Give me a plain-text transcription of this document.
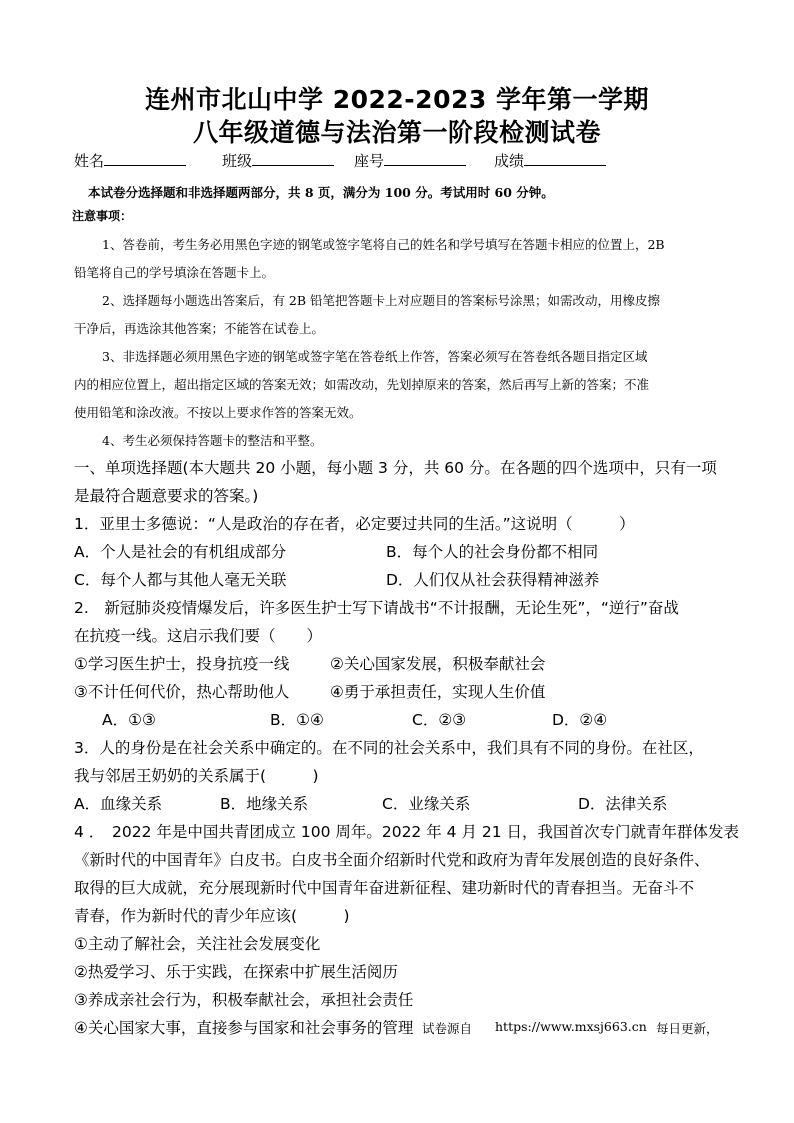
连州市北山中学 2022-2023 学年第一学期
八年级道德与法治第一阶段检测试卷
姓名	班级	座号	成绩
本试卷分选择题和非选择题两部分，共 8 页，满分为 100 分。考试用时 60 分钟。
注意事项：
1、答卷前，考生务必用黑色字迹的钢笔或签字笔将自己的姓名和学号填写在答题卡相应的位置上，2B
铅笔将自己的学号填涂在答题卡上。
2、选择题每小题选出答案后，有 2B 铅笔把答题卡上对应题目的答案标号涂黑；如需改动，用橡皮擦
干净后，再选涂其他答案；不能答在试卷上。
3、非选择题必须用黑色字迹的钢笔或签字笔在答卷纸上作答，答案必须写在答卷纸各题目指定区域
内的相应位置上，超出指定区域的答案无效；如需改动，先划掉原来的答案，然后再写上新的答案；不准
使用铅笔和涂改液。不按以上要求作答的答案无效。
4、考生必须保持答题卡的整洁和平整。
一、单项选择题(本大题共 20 小题，每小题 3 分，共 60 分。在各题的四个选项中，只有一项
是最符合题意要求的答案。)
1．亚里士多德说：“人是政治的存在者，必定要过共同的生活。”这说明（　　　）
A．个人是社会的有机组成部分	B．每个人的社会身份都不相同
C．每个人都与其他人毫无关联	D．人们仅从社会获得精神滋养
2.　新冠肺炎疫情爆发后，许多医生护士写下请战书“不计报酬，无论生死”，“逆行”奋战
在抗疫一线。这启示我们要（　　）
①学习医生护士，投身抗疫一线	②关心国家发展，积极奉献社会
③不计任何代价，热心帮助他人	④勇于承担责任，实现人生价值
A．①③	B．①④	C．②③	D．②④
3．人的身份是在社会关系中确定的。在不同的社会关系中，我们具有不同的身份。在社区，
我与邻居王奶奶的关系属于(　　　)
A．血缘关系	B．地缘关系	C．业缘关系	D．法律关系
4 ．　2022 年是中国共青团成立 100 周年。2022 年 4 月 21 日，我国首次专门就青年群体发表
《新时代的中国青年》白皮书。白皮书全面介绍新时代党和政府为青年发展创造的良好条件、
取得的巨大成就，充分展现新时代中国青年奋进新征程、建功新时代的青春担当。无奋斗不
青春，作为新时代的青少年应该(　　　)
①主动了解社会，关注社会发展变化
②热爱学习、乐于实践，在探索中扩展生活阅历
③养成亲社会行为，积极奉献社会，承担社会责任
④关心国家大事，直接参与国家和社会事务的管理 试卷源自 https://www.mxsj663.cn 每日更新，
